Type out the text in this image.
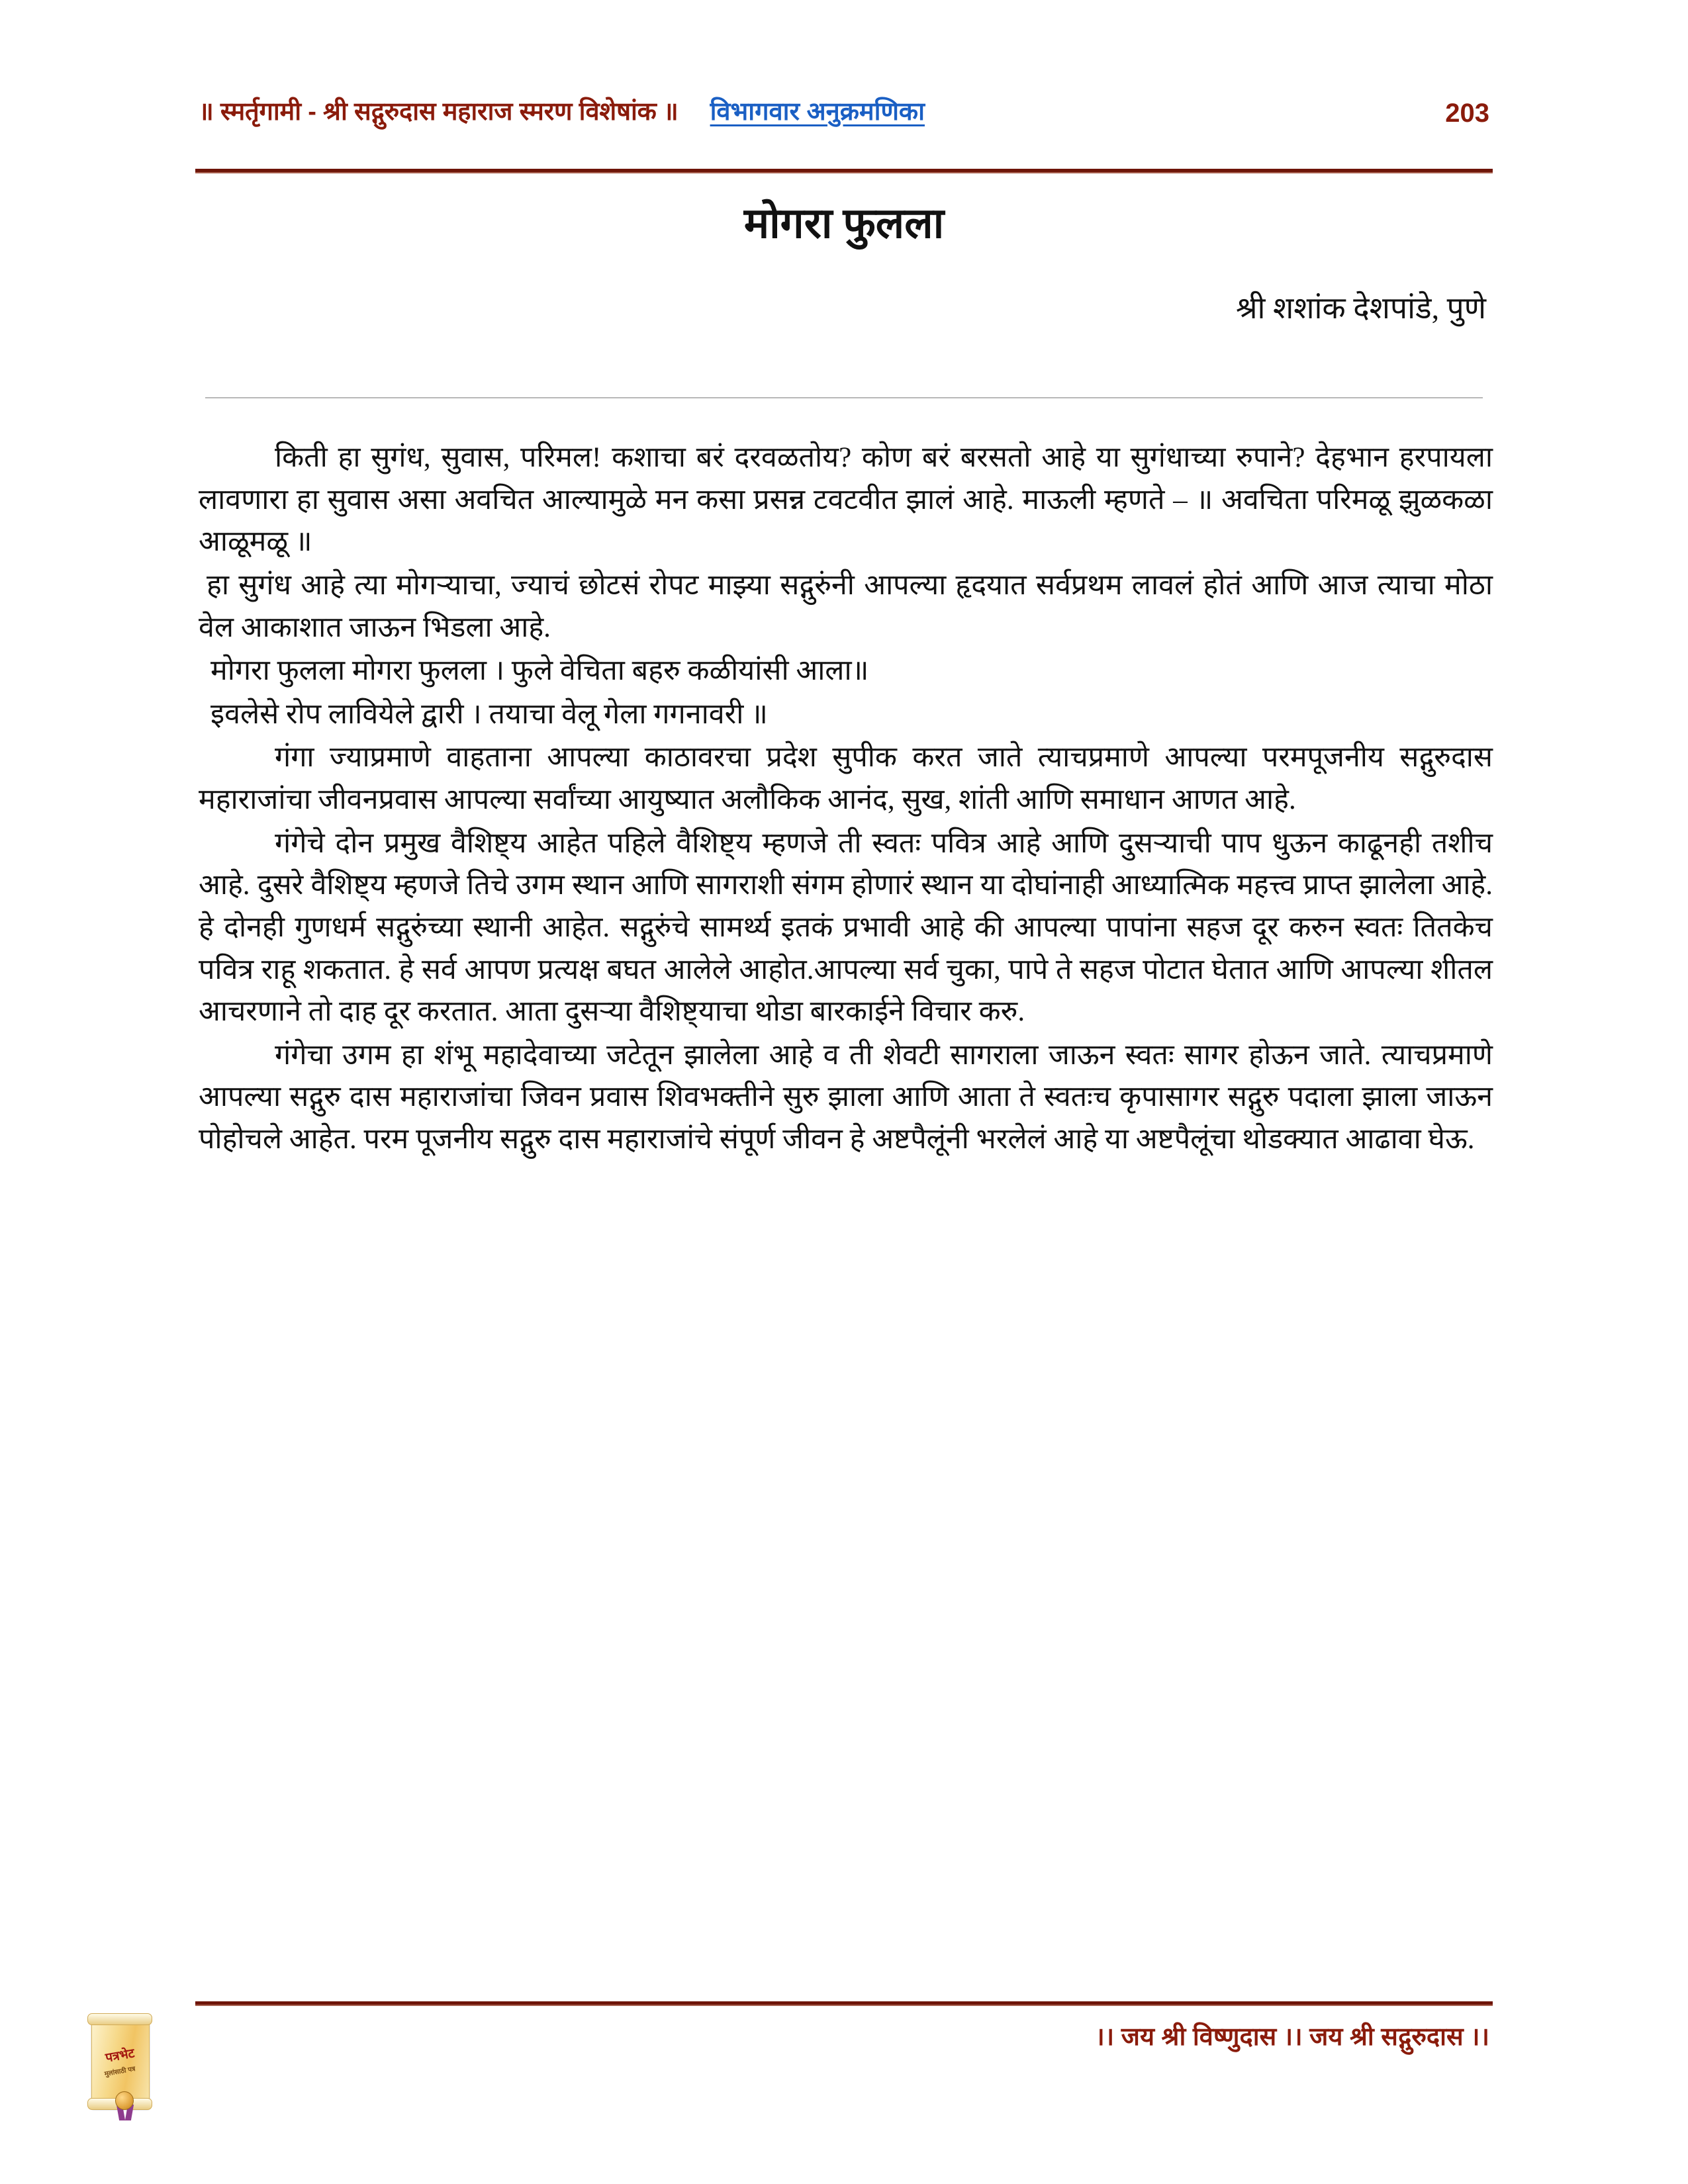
॥ स्मर्तृगामी - श्री सद्गुरुदास महाराज स्मरण विशेषांक ॥ विभागवार अनुक्रमणिका	203
मोगरा फुलला
श्री शशांक देशपांडे, पुणे

किती हा सुगंध, सुवास, परिमल! कशाचा बरं दरवळतोय? कोण बरं बरसतो आहे या सुगंधाच्या रुपाने? देहभान हरपायला लावणारा हा सुवास असा अवचित आल्यामुळे मन कसा प्रसन्न टवटवीत झालं आहे. माऊली म्हणते – ॥ अवचिता परिमळू झुळकळा आळूमळू ॥

हा सुगंध आहे त्या मोगऱ्याचा, ज्याचं छोटसं रोपट माझ्या सद्गुरुंनी आपल्या हृदयात सर्वप्रथम लावलं होतं आणि आज त्याचा मोठा वेल आकाशात जाऊन भिडला आहे.

मोगरा फुलला मोगरा फुलला । फुले वेचिता बहरु कळीयांसी आला॥

इवलेसे रोप लावियेले द्वारी । तयाचा वेलू गेला गगनावरी ॥

गंगा ज्याप्रमाणे वाहताना आपल्या काठावरचा प्रदेश सुपीक करत जाते त्याचप्रमाणे आपल्या परमपूजनीय सद्गुरुदास महाराजांचा जीवनप्रवास आपल्या सर्वांच्या आयुष्यात अलौकिक आनंद, सुख, शांती आणि समाधान आणत आहे.

गंगेचे दोन प्रमुख वैशिष्ट्य आहेत पहिले वैशिष्ट्य म्हणजे ती स्वतः पवित्र आहे आणि दुसऱ्याची पाप धुऊन काढूनही तशीच आहे. दुसरे वैशिष्ट्य म्हणजे तिचे उगम स्थान आणि सागराशी संगम होणारं स्थान या दोघांनाही आध्यात्मिक महत्त्व प्राप्त झालेला आहे. हे दोनही गुणधर्म सद्गुरुंच्या स्थानी आहेत. सद्गुरुंचे सामर्थ्य इतकं प्रभावी आहे की आपल्या पापांना सहज दूर करुन स्वतः तितकेच पवित्र राहू शकतात. हे सर्व आपण प्रत्यक्ष बघत आलेले आहोत.आपल्या सर्व चुका, पापे ते सहज पोटात घेतात आणि आपल्या शीतल आचरणाने तो दाह दूर करतात. आता दुसऱ्या वैशिष्ट्याचा थोडा बारकाईने विचार करु.

गंगेचा उगम हा शंभू महादेवाच्या जटेतून झालेला आहे व ती शेवटी सागराला जाऊन स्वतः सागर होऊन जाते. त्याचप्रमाणे आपल्या सद्गुरु दास महाराजांचा जिवन प्रवास शिवभक्तीने सुरु झाला आणि आता ते स्वतःच कृपासागर सद्गुरु पदाला झाला जाऊन पोहोचले आहेत. परम पूजनीय सद्गुरु दास महाराजांचे संपूर्ण जीवन हे अष्टपैलूंनी भरलेलं आहे या अष्टपैलूंचा थोडक्यात आढावा घेऊ.

।। जय श्री विष्णुदास ।। जय श्री सद्गुरुदास ।।
पत्रभेट
मुलांसाठी पत्र
